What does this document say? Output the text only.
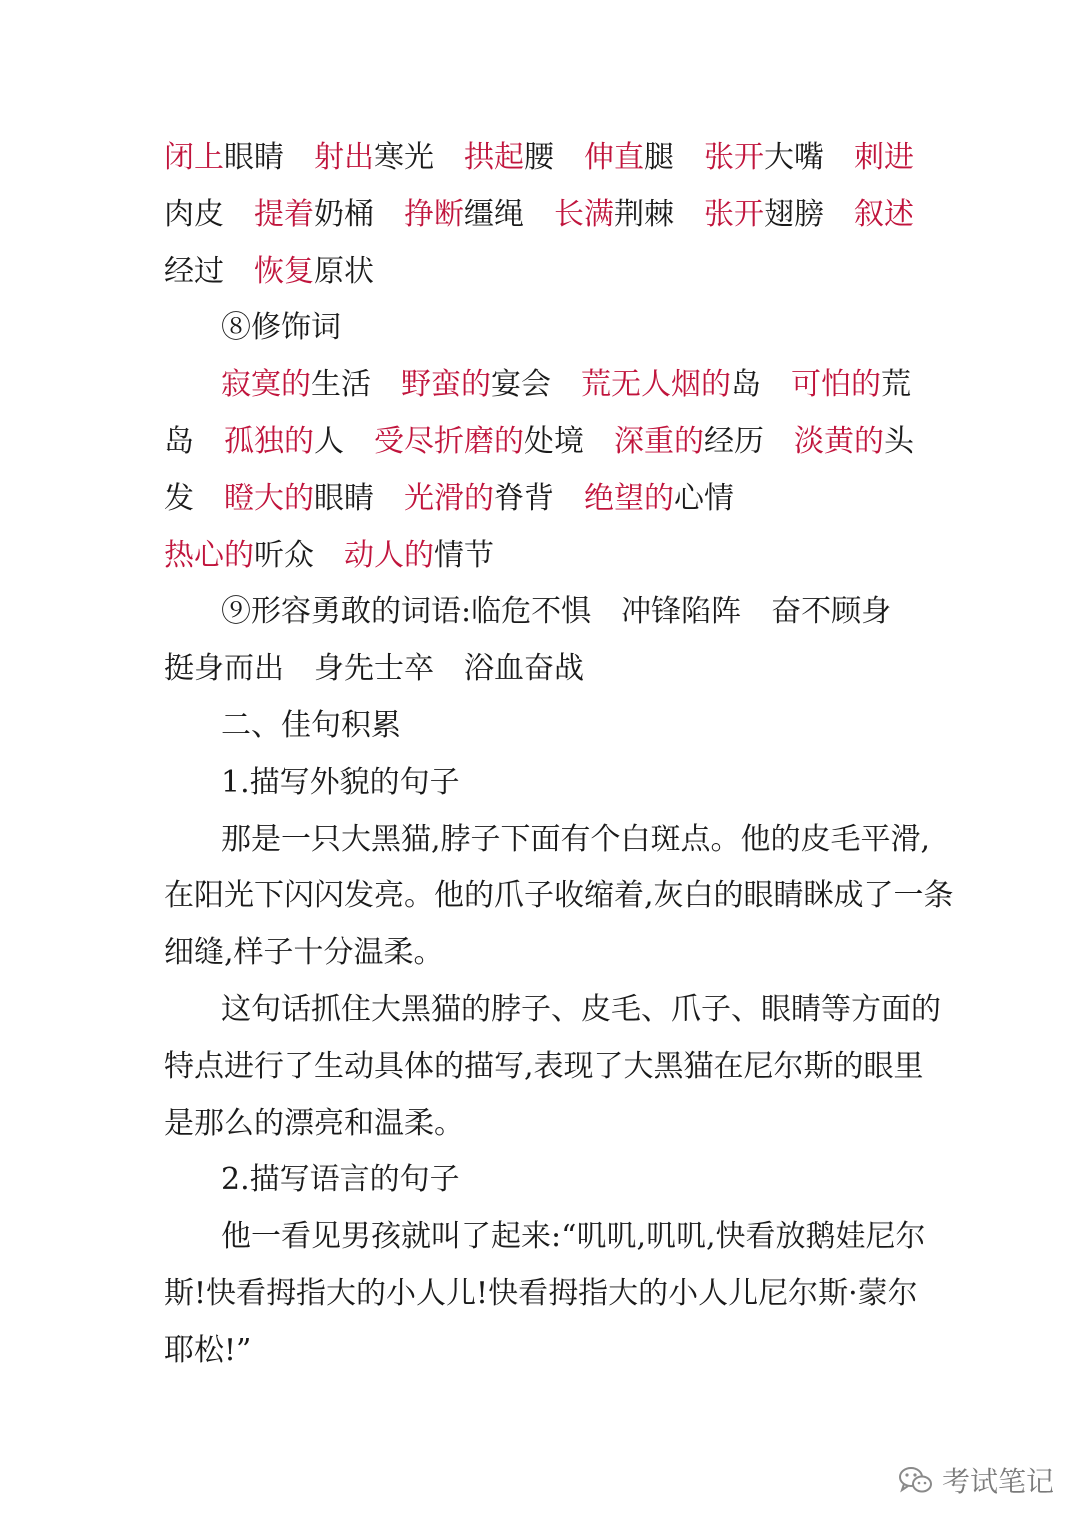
闭上眼睛 射出寒光 拱起腰 伸直腿 张开大嘴 刺进
肉皮 提着奶桶 挣断缰绳 长满荆棘 张开翅膀 叙述
经过 恢复原状
⑧修饰词
寂寞的生活 野蛮的宴会 荒无人烟的岛 可怕的荒
岛 孤独的人 受尽折磨的处境 深重的经历 淡黄的头
发 瞪大的眼睛 光滑的脊背 绝望的心情
热心的听众 动人的情节
⑨形容勇敢的词语:临危不惧 冲锋陷阵 奋不顾身
挺身而出 身先士卒 浴血奋战
二、佳句积累
1.描写外貌的句子
那是一只大黑猫,脖子下面有个白斑点。他的皮毛平滑,
在阳光下闪闪发亮。他的爪子收缩着,灰白的眼睛眯成了一条
细缝,样子十分温柔。
这句话抓住大黑猫的脖子、皮毛、爪子、眼睛等方面的
特点进行了生动具体的描写,表现了大黑猫在尼尔斯的眼里
是那么的漂亮和温柔。
2.描写语言的句子
他一看见男孩就叫了起来:“叽叽,叽叽,快看放鹅娃尼尔
斯!快看拇指大的小人儿!快看拇指大的小人儿尼尔斯·蒙尔
耶松!”
考试笔记
